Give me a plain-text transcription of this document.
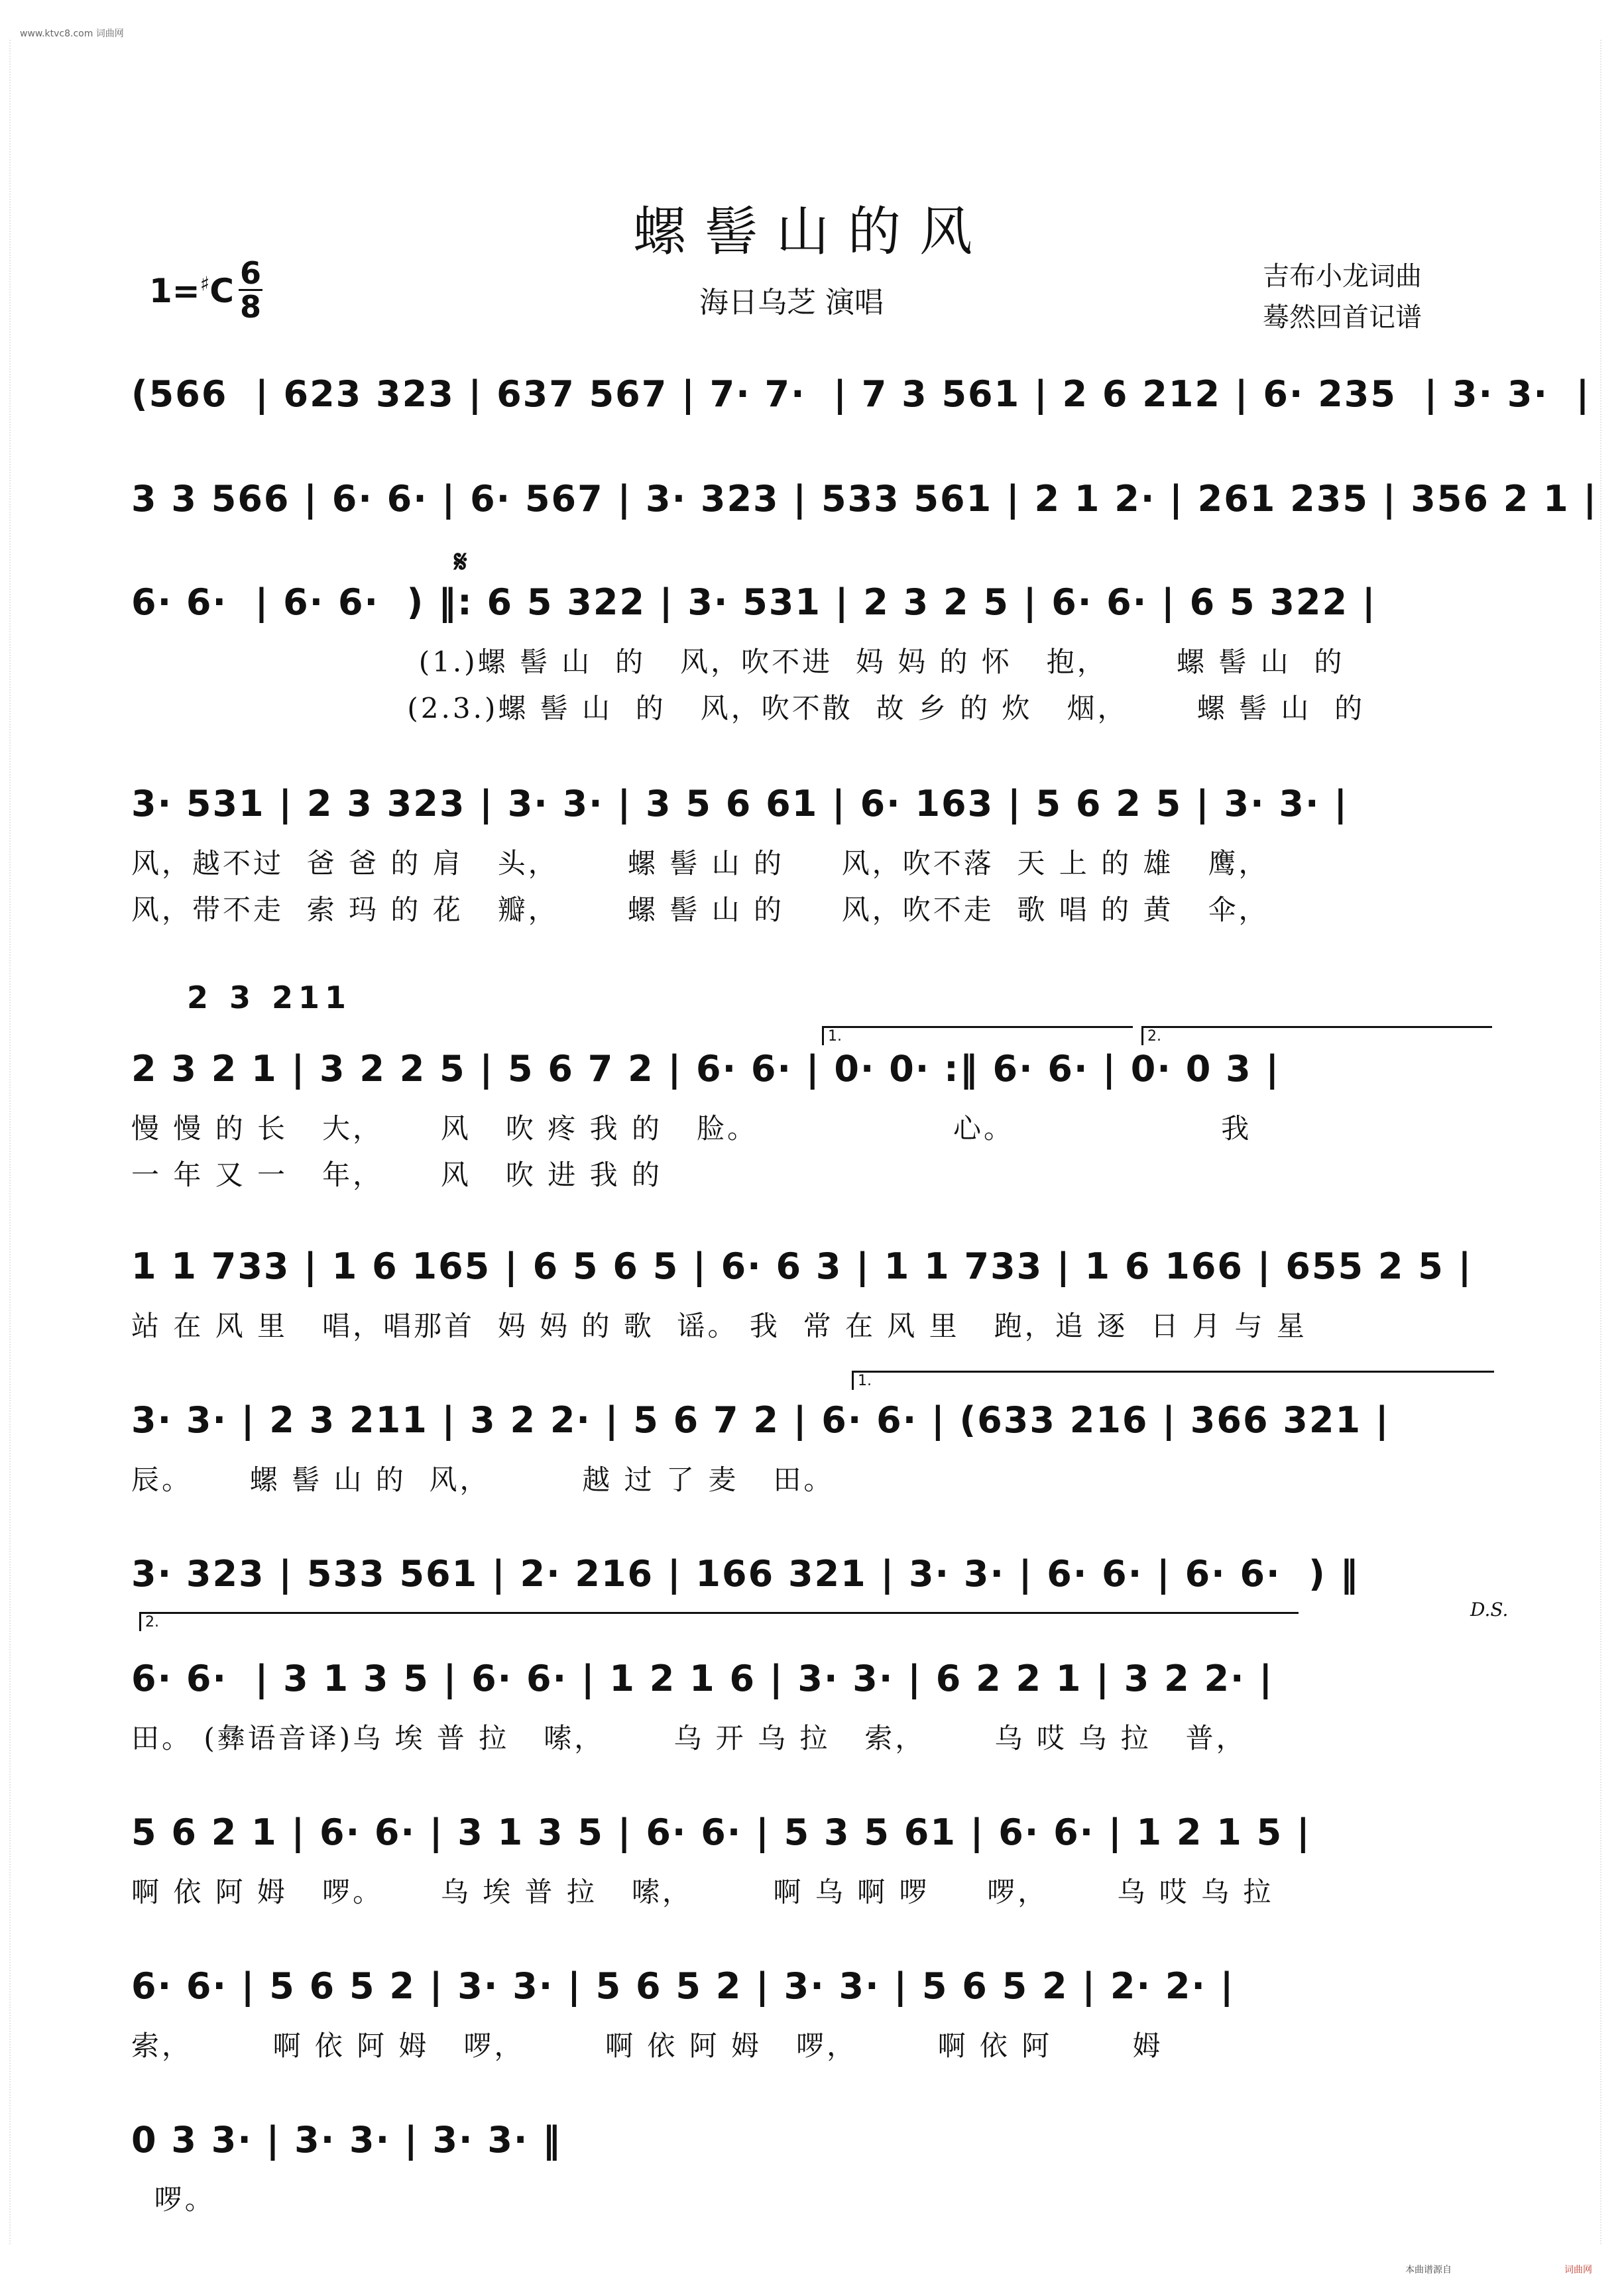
www.ktvc8.com 词曲网
螺髻山的风
$1=^♯C \frac{6}{8}$	海日乌芝 演唱
吉布小龙词曲
蓦然回首记谱
𝄋
2 3 211
D.S.
1.	2.
1.
2.
(566  | 623 323 | 637 567 | 7· 7·  | 7 3 561 | 2 6 212 | 6· 235  | 3· 3·  |
3 3 566 | 6· 6· | 6· 567 | 3· 323 | 533 561 | 2 1 2· | 261 235 | 356 2 1 |
6· 6·  | 6· 6·  ) ‖: 6 5 322 | 3· 531 | 2 3 2 5 | 6· 6· | 6 5 322 |
(1.)螺 髻 山  的   风，吹不进  妈 妈 的 怀   抱，      螺 髻 山  的
(2.3.)螺 髻 山  的   风，吹不散  故 乡 的 炊   烟，      螺 髻 山  的
3· 531 | 2 3 323 | 3· 3· | 3 5 6 61 | 6· 163 | 5 6 2 5 | 3· 3· |
风，越不过  爸 爸 的 肩   头，      螺 髻 山 的     风，吹不落  天 上 的 雄   鹰，
风，带不走  索 玛 的 花   瓣，      螺 髻 山 的     风，吹不走  歌 唱 的 黄   伞，
2 3 2 1 | 3 2 2 5 | 5 6 7 2 | 6· 6· | 0· 0· :‖ 6· 6· | 0· 0 3 |
慢 慢 的 长   大，     风   吹 疼 我 的   脸。                 心。                  我
一 年 又 一   年，     风   吹 进 我 的
1 1 733 | 1 6 165 | 6 5 6 5 | 6· 6 3 | 1 1 733 | 1 6 166 | 655 2 5 |
站 在 风 里   唱，唱那首  妈 妈 的 歌  谣。 我  常 在 风 里   跑，追 逐  日 月 与 星
3· 3· | 2 3 211 | 3 2 2· | 5 6 7 2 | 6· 6· | (633 216 | 366 321 |
辰。     螺 髻 山 的  风，        越 过 了 麦   田。
3· 323 | 533 561 | 2· 216 | 166 321 | 3· 3· | 6· 6· | 6· 6·  ) ‖
6· 6·  | 3 1 3 5 | 6· 6· | 1 2 1 6 | 3· 3· | 6 2 2 1 | 3 2 2· |
田。 (彝语音译)乌 埃 普 拉   嗦，      乌 开 乌 拉   索，      乌 哎 乌 拉   普，
5 6 2 1 | 6· 6· | 3 1 3 5 | 6· 6· | 5 3 5 61 | 6· 6· | 1 2 1 5 |
啊 依 阿 姆   啰。     乌 埃 普 拉   嗦，       啊 乌 啊 啰     啰，      乌 哎 乌 拉
6· 6· | 5 6 5 2 | 3· 3· | 5 6 5 2 | 3· 3· | 5 6 5 2 | 2· 2· |
索，       啊 依 阿 姆   啰，       啊 依 阿 姆   啰，       啊 依 阿       姆
0 3 3· | 3· 3· | 3· 3· ‖
啰。
本曲谱源自	词曲网
